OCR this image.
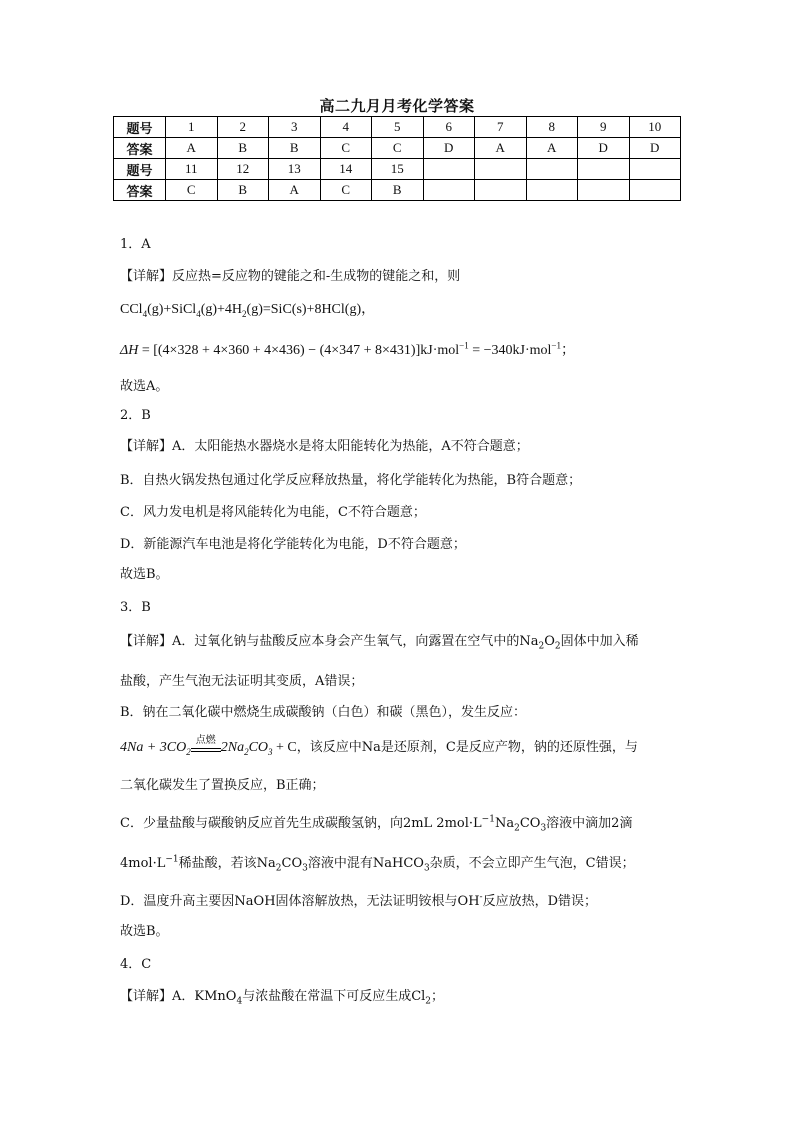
高二九月月考化学答案
题号	1	2	3	4	5	6	7	8	9	10
答案	A	B	B	C	C	D	A	A	D	D
题号	11	12	13	14	15					
答案	C	B	A	C	B					
1．A
【详解】反应热=反应物的键能之和-生成物的键能之和，则
$CCl_4(g)+SiCl_4(g)+4H_2(g)=SiC(s)+8HCl(g)$，
ΔH = [(4×328 + 4×360 + 4×436) − (4×347 + 8×431)]kJ·mol$^{-1}$ = −340kJ·mol$^{-1}$；
故选A。
2．B
【详解】A．太阳能热水器烧水是将太阳能转化为热能，A不符合题意；
B．自热火锅发热包通过化学反应释放热量，将化学能转化为热能，B符合题意；
C．风力发电机是将风能转化为电能，C不符合题意；
D．新能源汽车电池是将化学能转化为电能，D不符合题意；
故选B。
3．B
【详解】A．过氧化钠与盐酸反应本身会产生氧气，向露置在空气中的$Na_2O_2$固体中加入稀
盐酸，产生气泡无法证明其变质，A错误；
B．钠在二氧化碳中燃烧生成碳酸钠（白色）和碳（黑色），发生反应：
$4Na + 3CO_2$
点燃 $2Na_2CO_3 + C$，该反应中Na是还原剂，C是反应产物，钠的还原性强，与
二氧化碳发生了置换反应，B正确；
C．少量盐酸与碳酸钠反应首先生成碳酸氢钠，向2mL $2mol\cdot L^{-1}Na_2CO_3$溶液中滴加2滴
$4mol\cdot L^{-1}$稀盐酸，若该$Na_2CO_3$溶液中混有NaHCO$_3$杂质，不会立即产生气泡，C错误；
D．温度升高主要因NaOH固体溶解放热，无法证明铵根与OH-反应放热，D错误；
故选B。
4．C
【详解】A．KMnO$_4$与浓盐酸在常温下可反应生成$Cl_2$；
